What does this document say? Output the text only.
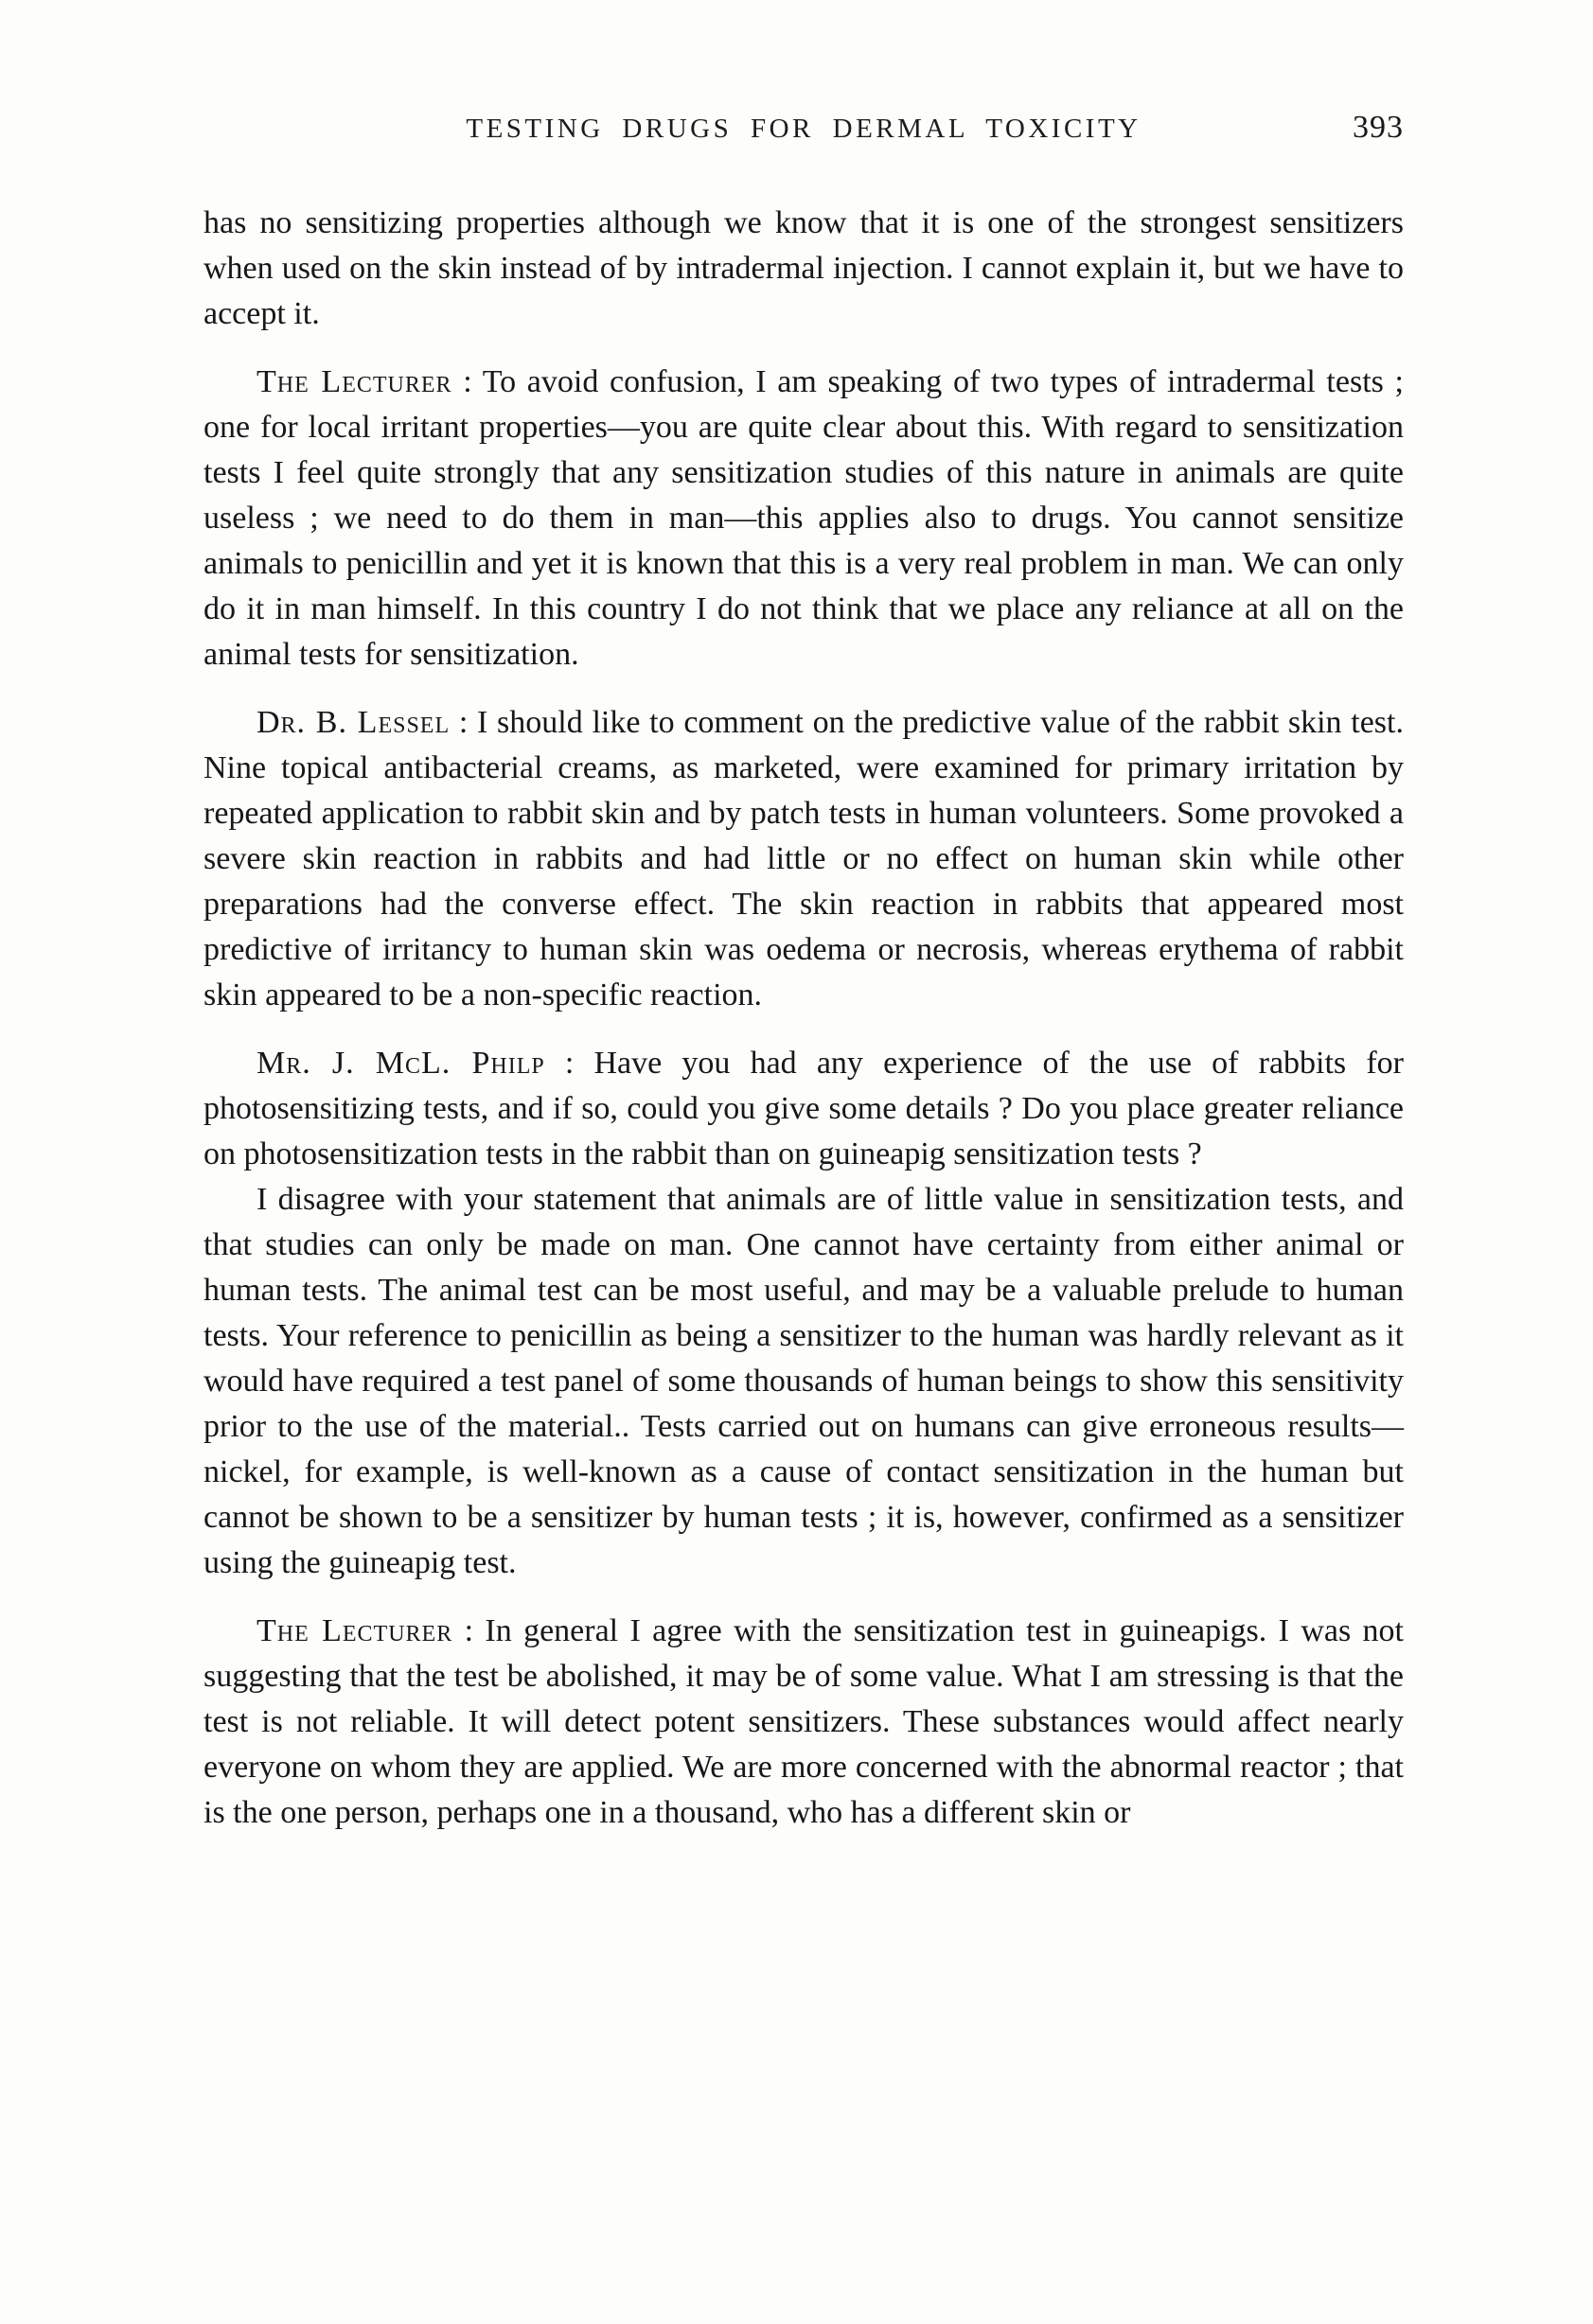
TESTING DRUGS FOR DERMAL TOXICITY	393

has no sensitizing properties although we know that it is one of the strongest sensitizers when used on the skin instead of by intradermal injection. I cannot explain it, but we have to accept it.

The Lecturer : To avoid confusion, I am speaking of two types of intradermal tests ; one for local irritant properties—you are quite clear about this. With regard to sensitization tests I feel quite strongly that any sensitization studies of this nature in animals are quite useless ; we need to do them in man—this applies also to drugs. You cannot sensitize animals to penicillin and yet it is known that this is a very real problem in man. We can only do it in man himself. In this country I do not think that we place any reliance at all on the animal tests for sensitization.

Dr. B. Lessel : I should like to comment on the predictive value of the rabbit skin test. Nine topical antibacterial creams, as marketed, were examined for primary irritation by repeated application to rabbit skin and by patch tests in human volunteers. Some provoked a severe skin reaction in rabbits and had little or no effect on human skin while other preparations had the converse effect. The skin reaction in rabbits that appeared most predictive of irritancy to human skin was oedema or necrosis, whereas erythema of rabbit skin appeared to be a non-specific reaction.

Mr. J. McL. Philp : Have you had any experience of the use of rabbits for photosensitizing tests, and if so, could you give some details ? Do you place greater reliance on photosensitization tests in the rabbit than on guineapig sensitization tests ?

I disagree with your statement that animals are of little value in sensitization tests, and that studies can only be made on man. One cannot have certainty from either animal or human tests. The animal test can be most useful, and may be a valuable prelude to human tests. Your reference to penicillin as being a sensitizer to the human was hardly relevant as it would have required a test panel of some thousands of human beings to show this sensitivity prior to the use of the material.. Tests carried out on humans can give erroneous results—nickel, for example, is well-known as a cause of contact sensitization in the human but cannot be shown to be a sensitizer by human tests ; it is, however, confirmed as a sensitizer using the guineapig test.

The Lecturer : In general I agree with the sensitization test in guineapigs. I was not suggesting that the test be abolished, it may be of some value. What I am stressing is that the test is not reliable. It will detect potent sensitizers. These substances would affect nearly everyone on whom they are applied. We are more concerned with the abnormal reactor ; that is the one person, perhaps one in a thousand, who has a different skin or
